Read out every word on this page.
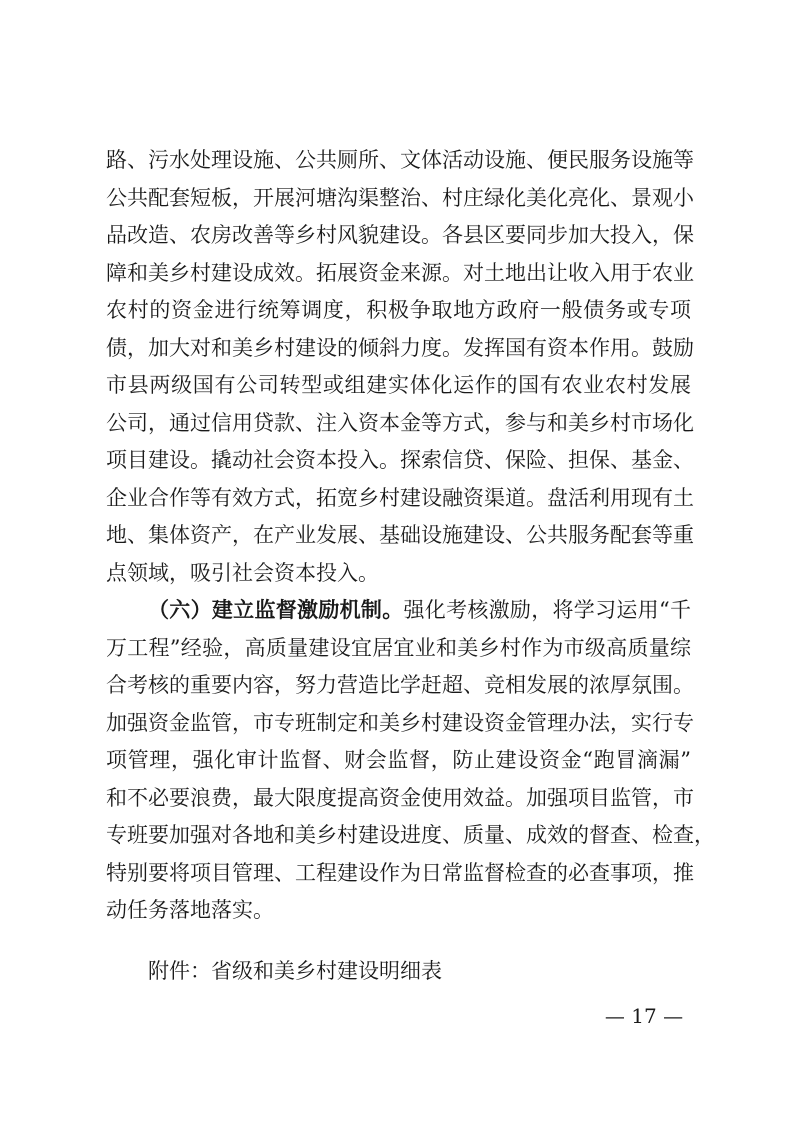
路、污水处理设施、公共厕所、文体活动设施、便民服务设施等
公共配套短板，开展河塘沟渠整治、村庄绿化美化亮化、景观小
品改造、农房改善等乡村风貌建设。各县区要同步加大投入，保
障和美乡村建设成效。拓展资金来源。对土地出让收入用于农业
农村的资金进行统筹调度，积极争取地方政府一般债务或专项
债，加大对和美乡村建设的倾斜力度。发挥国有资本作用。鼓励
市县两级国有公司转型或组建实体化运作的国有农业农村发展
公司，通过信用贷款、注入资本金等方式，参与和美乡村市场化
项目建设。撬动社会资本投入。探索信贷、保险、担保、基金、
企业合作等有效方式，拓宽乡村建设融资渠道。盘活利用现有土
地、集体资产，在产业发展、基础设施建设、公共服务配套等重
点领域，吸引社会资本投入。
（六）建立监督激励机制。强化考核激励，将学习运用“千
万工程”经验，高质量建设宜居宜业和美乡村作为市级高质量综
合考核的重要内容，努力营造比学赶超、竞相发展的浓厚氛围。
加强资金监管，市专班制定和美乡村建设资金管理办法，实行专
项管理，强化审计监督、财会监督，防止建设资金“跑冒滴漏”
和不必要浪费，最大限度提高资金使用效益。加强项目监管，市
专班要加强对各地和美乡村建设进度、质量、成效的督查、检查，
特别要将项目管理、工程建设作为日常监督检查的必查事项，推
动任务落地落实。
附件：省级和美乡村建设明细表
— 17 —
